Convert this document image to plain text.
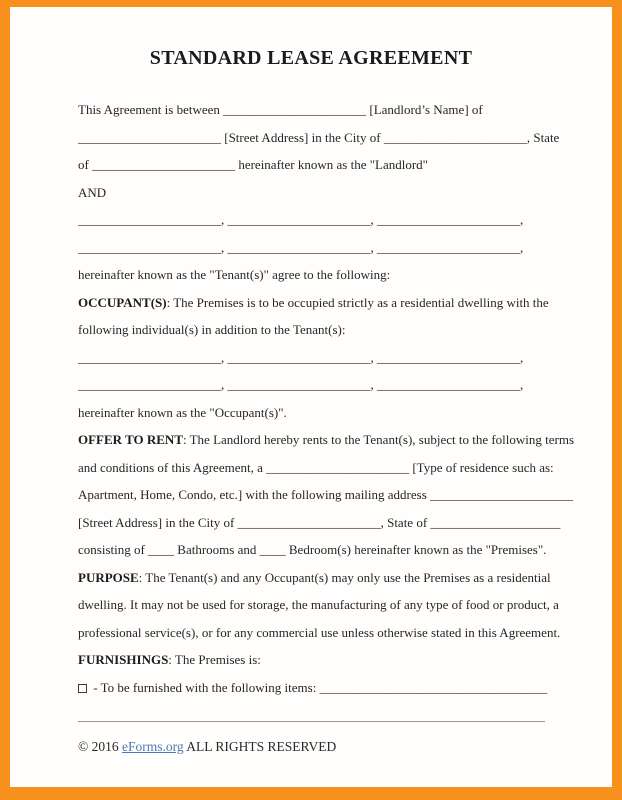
STANDARD LEASE AGREEMENT

This Agreement is between ______________________ [Landlord’s Name] of

______________________ [Street Address] in the City of ______________________, State

of ______________________ hereinafter known as the "Landlord"

AND

______________________, ______________________, ______________________,

______________________, ______________________, ______________________,

hereinafter known as the "Tenant(s)" agree to the following:

OCCUPANT(S): The Premises is to be occupied strictly as a residential dwelling with the

following individual(s) in addition to the Tenant(s):

______________________, ______________________, ______________________,

______________________, ______________________, ______________________,

hereinafter known as the "Occupant(s)".

OFFER TO RENT: The Landlord hereby rents to the Tenant(s), subject to the following terms

and conditions of this Agreement, a ______________________ [Type of residence such as:

Apartment, Home, Condo, etc.] with the following mailing address ______________________

[Street Address] in the City of ______________________, State of ____________________

consisting of ____ Bathrooms and ____ Bedroom(s) hereinafter known as the "Premises".

PURPOSE: The Tenant(s) and any Occupant(s) may only use the Premises as a residential

dwelling. It may not be used for storage, the manufacturing of any type of food or product, a

professional service(s), or for any commercial use unless otherwise stated in this Agreement.

FURNISHINGS: The Premises is:

- To be furnished with the following items: ___________________________________

© 2016 eForms.org ALL RIGHTS RESERVED
